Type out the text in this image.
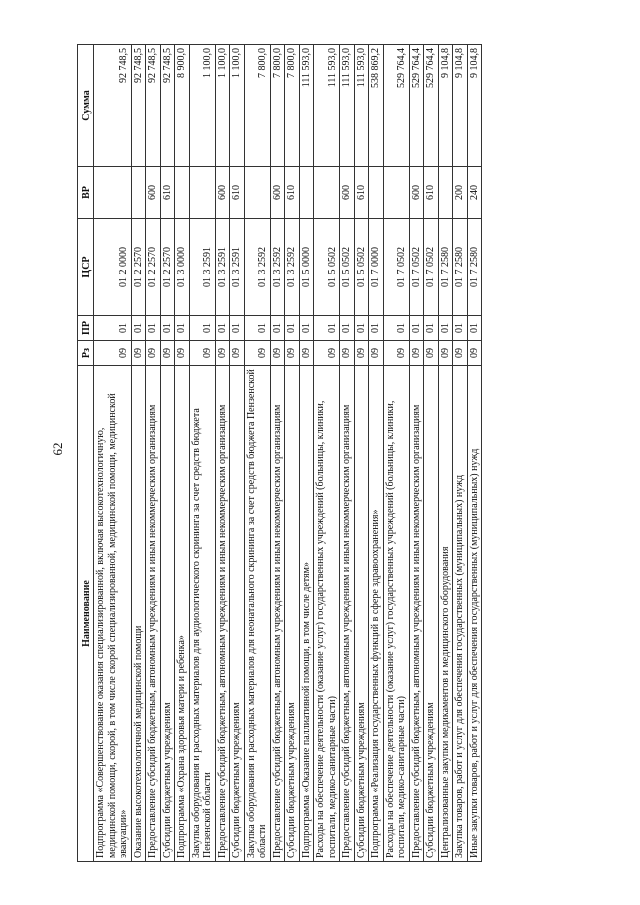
62
Наименование	Рз	ПР	ЦСР	ВР	Сумма
Подпрограмма «Совершенствование оказания специализированной, включая высокотехнологичную, медицинской помощи, скорой, в том числе скорой специализированной, медицинской помощи, медицинской эвакуации»	09	01	01 2 0000		92 748,5
Оказание высокотехнологичной медицинской помощи	09	01	01 2 2570		92 748,5
Предоставление субсидий бюджетным, автономным учреждениям и иным некоммерческим организациям	09	01	01 2 2570	600	92 748,5
Субсидии бюджетным учреждениям	09	01	01 2 2570	610	92 748,5
Подпрограмма «Охрана здоровья матери и ребенка»	09	01	01 3 0000		8 900,0
Закупка оборудования и расходных материалов для аудиологического скрининга за счет средств бюджета Пензенской области	09	01	01 3 2591		1 100,0
Предоставление субсидий бюджетным, автономным учреждениям и иным некоммерческим организациям	09	01	01 3 2591	600	1 100,0
Субсидии бюджетным учреждениям	09	01	01 3 2591	610	1 100,0
Закупка оборудования и расходных материалов для неонатального скрининга за счет средств бюджета Пензенской области	09	01	01 3 2592		7 800,0
Предоставление субсидий бюджетным, автономным учреждениям и иным некоммерческим организациям	09	01	01 3 2592	600	7 800,0
Субсидии бюджетным учреждениям	09	01	01 3 2592	610	7 800,0
Подпрограмма «Оказание паллиативной помощи, в том числе детям»	09	01	01 5 0000		111 593,0
Расходы на обеспечение деятельности (оказание услуг) государственных учреждений (больницы, клиники, госпитали, медико-санитарные части)	09	01	01 5 0502		111 593,0
Предоставление субсидий бюджетным, автономным учреждениям и иным некоммерческим организациям	09	01	01 5 0502	600	111 593,0
Субсидии бюджетным учреждениям	09	01	01 5 0502	610	111 593,0
Подпрограмма «Реализация государственных функций в сфере здравоохранения»	09	01	01 7 0000		538 869,2
Расходы на обеспечение деятельности (оказание услуг) государственных учреждений (больницы, клиники, госпитали, медико-санитарные части)	09	01	01 7 0502		529 764,4
Предоставление субсидий бюджетным, автономным учреждениям и иным некоммерческим организациям	09	01	01 7 0502	600	529 764,4
Субсидии бюджетным учреждениям	09	01	01 7 0502	610	529 764,4
Централизованные закупки медикаментов и медицинского оборудования	09	01	01 7 2580		9 104,8
Закупка товаров, работ и услуг для обеспечения государственных (муниципальных) нужд	09	01	01 7 2580	200	9 104,8
Иные закупки товаров, работ и услуг для обеспечения государственных (муниципальных) нужд	09	01	01 7 2580	240	9 104,8
